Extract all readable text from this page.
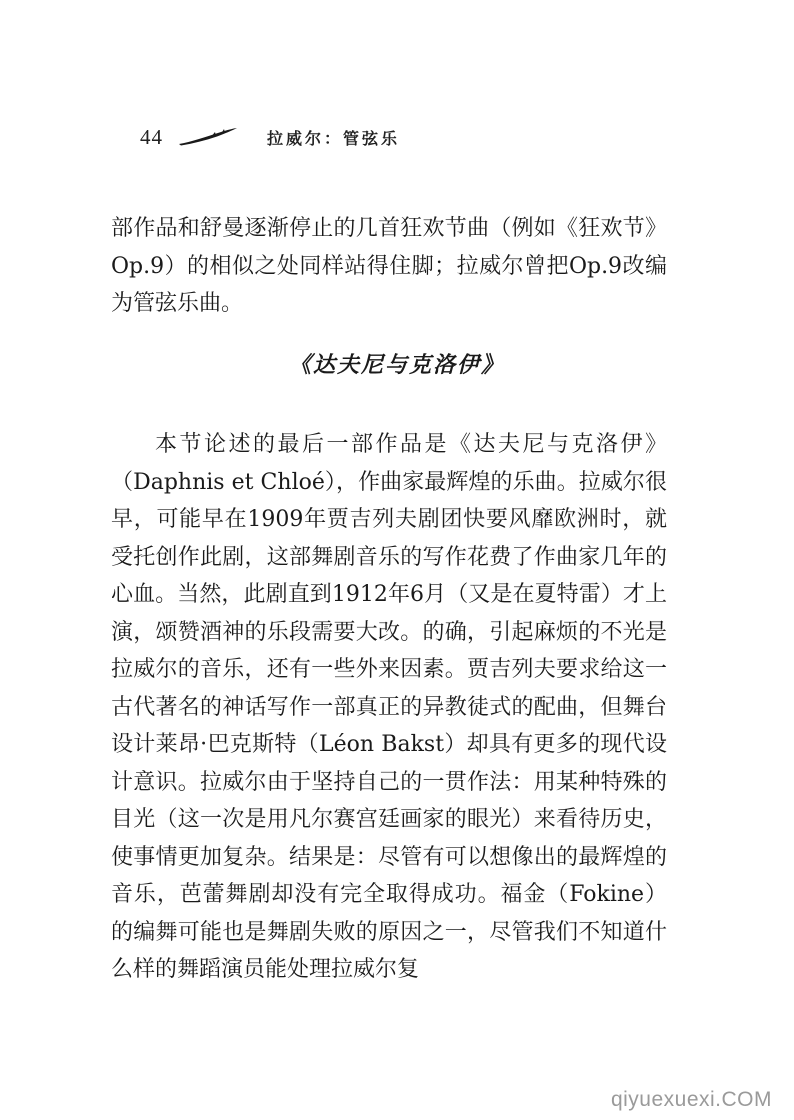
44	拉威尔：管弦乐

部作品和舒曼逐渐停止的几首狂欢节曲（例如《狂欢节》Op.9）的相似之处同样站得住脚；拉威尔曾把Op.9改编为管弦乐曲。

《达夫尼与克洛伊》

本节论述的最后一部作品是《达夫尼与克洛伊》（Daphnis et Chloé），作曲家最辉煌的乐曲。拉威尔很早，可能早在1909年贾吉列夫剧团快要风靡欧洲时，就受托创作此剧，这部舞剧音乐的写作花费了作曲家几年的心血。当然，此剧直到1912年6月（又是在夏特雷）才上演，颂赞酒神的乐段需要大改。的确，引起麻烦的不光是拉威尔的音乐，还有一些外来因素。贾吉列夫要求给这一古代著名的神话写作一部真正的异教徒式的配曲，但舞台设计莱昂·巴克斯特（Léon Bakst）却具有更多的现代设计意识。拉威尔由于坚持自己的一贯作法：用某种特殊的目光（这一次是用凡尔赛宫廷画家的眼光）来看待历史，使事情更加复杂。结果是：尽管有可以想像出的最辉煌的音乐，芭蕾舞剧却没有完全取得成功。福金（Fokine）的编舞可能也是舞剧失败的原因之一，尽管我们不知道什么样的舞蹈演员能处理拉威尔复

qiyuexuexi.COM
